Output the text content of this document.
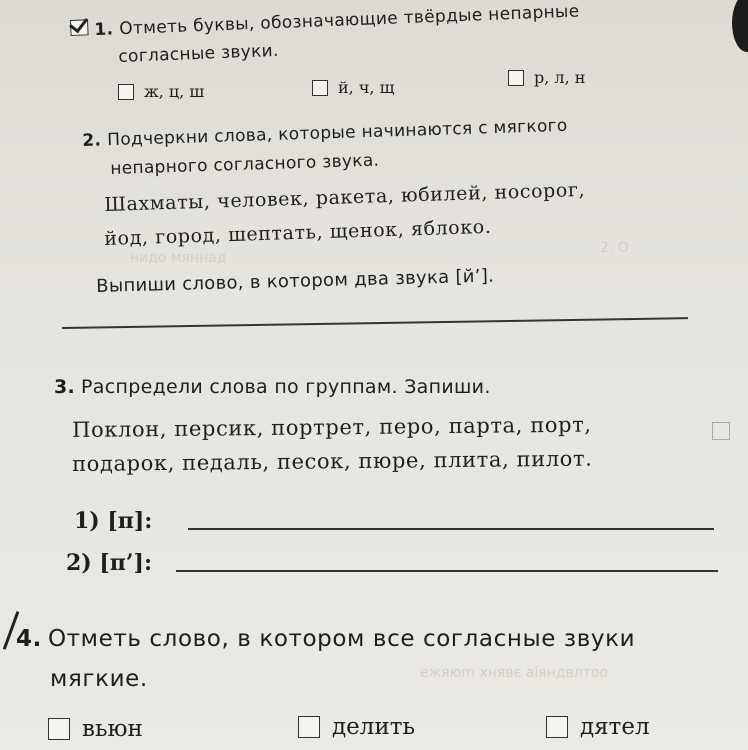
нидо мяннад
2. О
ежяюm xнявє aіяндвлтоо
1. Отметь буквы, обозначающие твёрдые непарные
согласные звуки.
ж, ц, ш	й, ч, щ
р, л, н
2. Подчеркни слова, которые начинаются с мягкого
непарного согласного звука.
Шахматы, человек, ракета, юбилей, носорог,
йод, город, шептать, щенок, яблоко.
Выпиши слово, в котором два звука [й’].
3. Распредели слова по группам. Запиши.
Поклон, персик, портрет, перо, парта, порт,
подарок, педаль, песок, пюре, плита, пилот.
1) [п]:
2) [п’]:
4. Отметь слово, в котором все согласные звуки
мягкие.
вьюн	делить	дятел
